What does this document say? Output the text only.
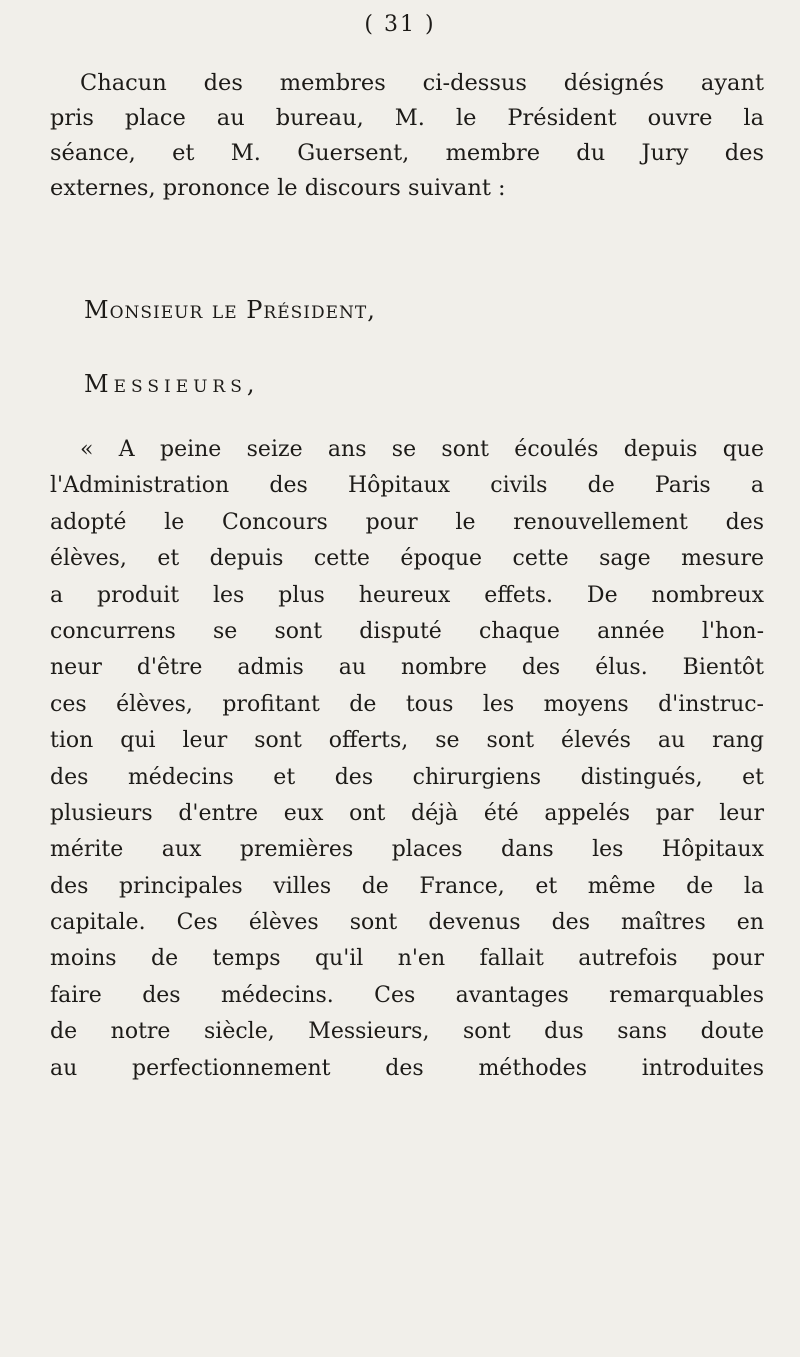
( 31 )
Chacun des membres ci-dessus désignés ayant
pris place au bureau, M. le Président ouvre la
séance, et M. Guersent, membre du Jury des
externes, prononce le discours suivant :
Monsieur le Président,
Messieurs,
« A peine seize ans se sont écoulés depuis que
l'Administration des Hôpitaux civils de Paris a
adopté le Concours pour le renouvellement des
élèves, et depuis cette époque cette sage mesure
a produit les plus heureux effets. De nombreux
concurrens se sont disputé chaque année l'hon-
neur d'être admis au nombre des élus. Bientôt
ces élèves, profitant de tous les moyens d'instruc-
tion qui leur sont offerts, se sont élevés au rang
des médecins et des chirurgiens distingués, et
plusieurs d'entre eux ont déjà été appelés par leur
mérite aux premières places dans les Hôpitaux
des principales villes de France, et même de la
capitale. Ces élèves sont devenus des maîtres en
moins de temps qu'il n'en fallait autrefois pour
faire des médecins. Ces avantages remarquables
de notre siècle, Messieurs, sont dus sans doute
au perfectionnement des méthodes introduites
